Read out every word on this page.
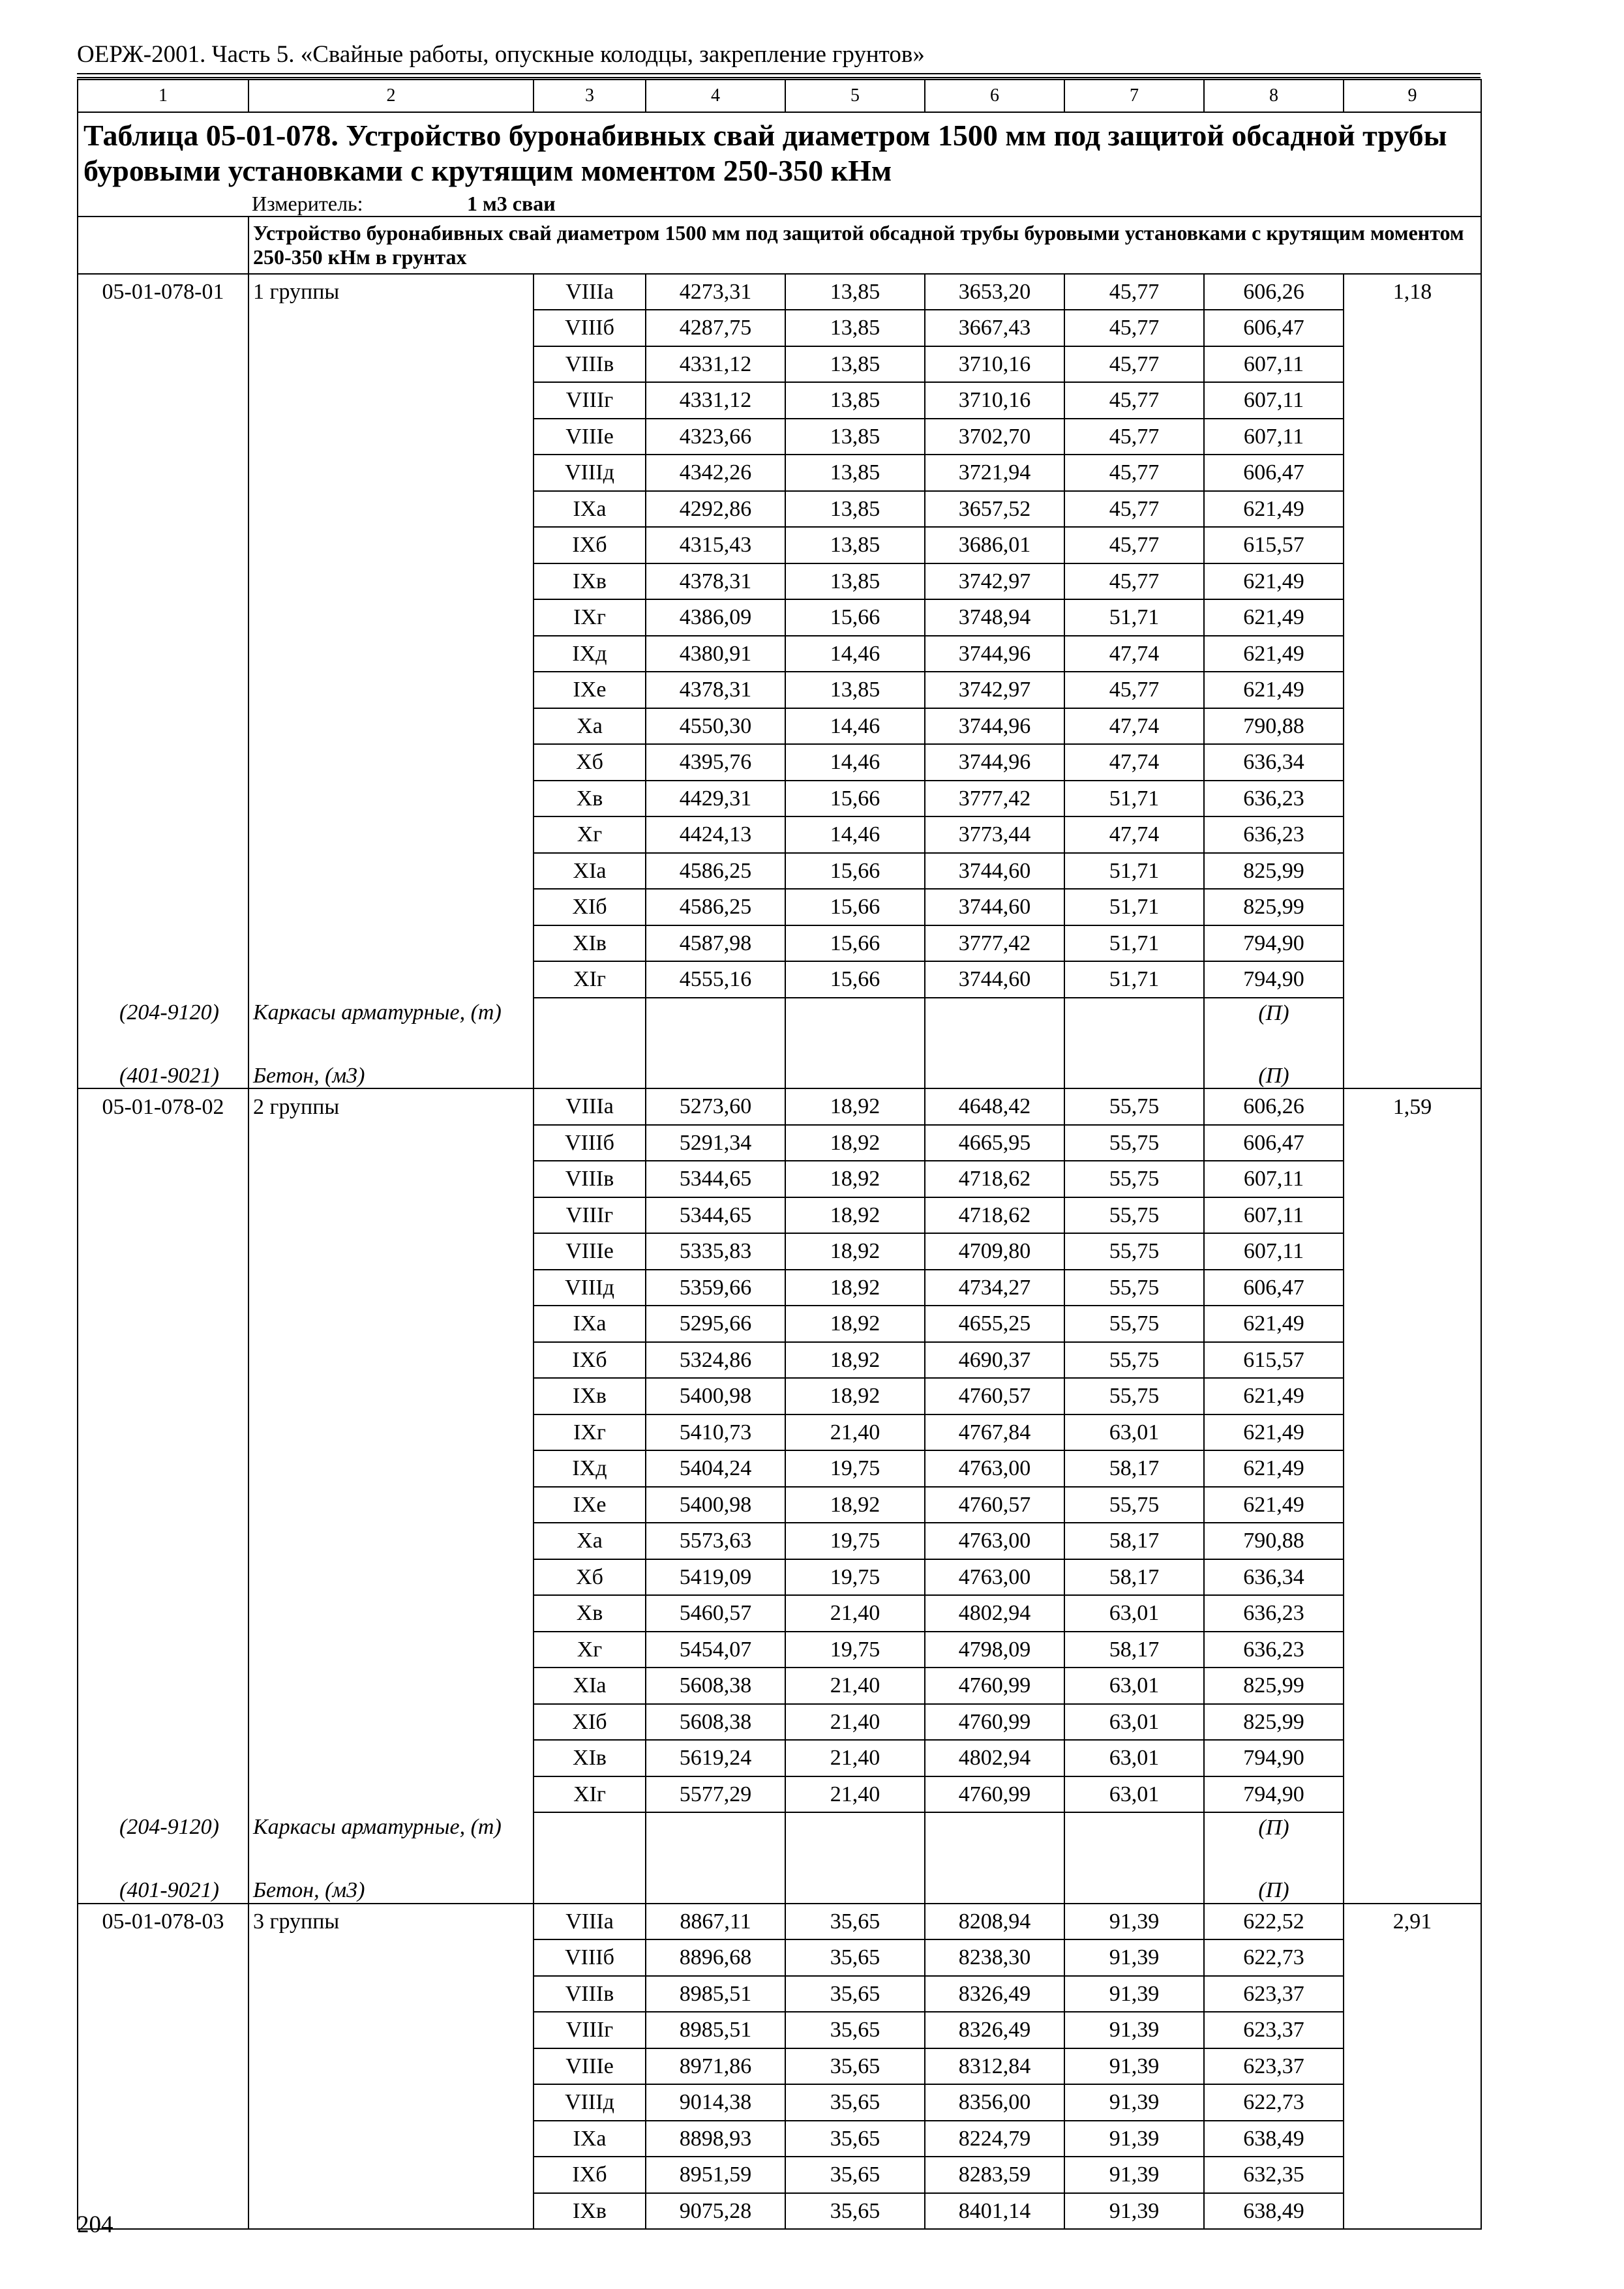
ОЕРЖ-2001. Часть 5. «Свайные работы, опускные колодцы, закрепление грунтов»
1	2	3	4	5	6	7	8	9
Таблица 05-01-078. Устройство буронабивных свай диаметром 1500 мм под защитой обсадной трубы буровыми установками с крутящим моментом 250-350 кНм								
Измеритель: 1 м3 сваи								
	Устройство буронабивных свай диаметром 1500 мм под защитой обсадной трубы буровыми установками с крутящим моментом 250-350 кНм в грунтах							
05-01-078-01	1 группы	VIIIa	4273,31	13,85	3653,20	45,77	606,26	1,18
		VIIIб	4287,75	13,85	3667,43	45,77	606,47	
		VIIIв	4331,12	13,85	3710,16	45,77	607,11	
		VIIIг	4331,12	13,85	3710,16	45,77	607,11	
		VIIIe	4323,66	13,85	3702,70	45,77	607,11	
		VIIIд	4342,26	13,85	3721,94	45,77	606,47	
		IXa	4292,86	13,85	3657,52	45,77	621,49	
		IXб	4315,43	13,85	3686,01	45,77	615,57	
		IXв	4378,31	13,85	3742,97	45,77	621,49	
		IXг	4386,09	15,66	3748,94	51,71	621,49	
		IXд	4380,91	14,46	3744,96	47,74	621,49	
		IXe	4378,31	13,85	3742,97	45,77	621,49	
		Xa	4550,30	14,46	3744,96	47,74	790,88	
		Xб	4395,76	14,46	3744,96	47,74	636,34	
		Xв	4429,31	15,66	3777,42	51,71	636,23	
		Xг	4424,13	14,46	3773,44	47,74	636,23	
		XIa	4586,25	15,66	3744,60	51,71	825,99	
		XIб	4586,25	15,66	3744,60	51,71	825,99	
		XIв	4587,98	15,66	3777,42	51,71	794,90	
		XIг	4555,16	15,66	3744,60	51,71	794,90	
(204-9120)	Каркасы арматурные, (т)						(П)	
(401-9021)	Бетон, (м3)						(П)	
05-01-078-02	2 группы	VIIIa	5273,60	18,92	4648,42	55,75	606,26	1,59
		VIIIб	5291,34	18,92	4665,95	55,75	606,47	
		VIIIв	5344,65	18,92	4718,62	55,75	607,11	
		VIIIг	5344,65	18,92	4718,62	55,75	607,11	
		VIIIe	5335,83	18,92	4709,80	55,75	607,11	
		VIIIд	5359,66	18,92	4734,27	55,75	606,47	
		IXa	5295,66	18,92	4655,25	55,75	621,49	
		IXб	5324,86	18,92	4690,37	55,75	615,57	
		IXв	5400,98	18,92	4760,57	55,75	621,49	
		IXг	5410,73	21,40	4767,84	63,01	621,49	
		IXд	5404,24	19,75	4763,00	58,17	621,49	
		IXe	5400,98	18,92	4760,57	55,75	621,49	
		Xa	5573,63	19,75	4763,00	58,17	790,88	
		Xб	5419,09	19,75	4763,00	58,17	636,34	
		Xв	5460,57	21,40	4802,94	63,01	636,23	
		Xг	5454,07	19,75	4798,09	58,17	636,23	
		XIa	5608,38	21,40	4760,99	63,01	825,99	
		XIб	5608,38	21,40	4760,99	63,01	825,99	
		XIв	5619,24	21,40	4802,94	63,01	794,90	
		XIг	5577,29	21,40	4760,99	63,01	794,90	
(204-9120)	Каркасы арматурные, (т)						(П)	
(401-9021)	Бетон, (м3)						(П)	
05-01-078-03	3 группы	VIIIa	8867,11	35,65	8208,94	91,39	622,52	2,91
		VIIIб	8896,68	35,65	8238,30	91,39	622,73	
		VIIIв	8985,51	35,65	8326,49	91,39	623,37	
		VIIIг	8985,51	35,65	8326,49	91,39	623,37	
		VIIIe	8971,86	35,65	8312,84	91,39	623,37	
		VIIIд	9014,38	35,65	8356,00	91,39	622,73	
		IXa	8898,93	35,65	8224,79	91,39	638,49	
		IXб	8951,59	35,65	8283,59	91,39	632,35	
		IXв	9075,28	35,65	8401,14	91,39	638,49	
204
